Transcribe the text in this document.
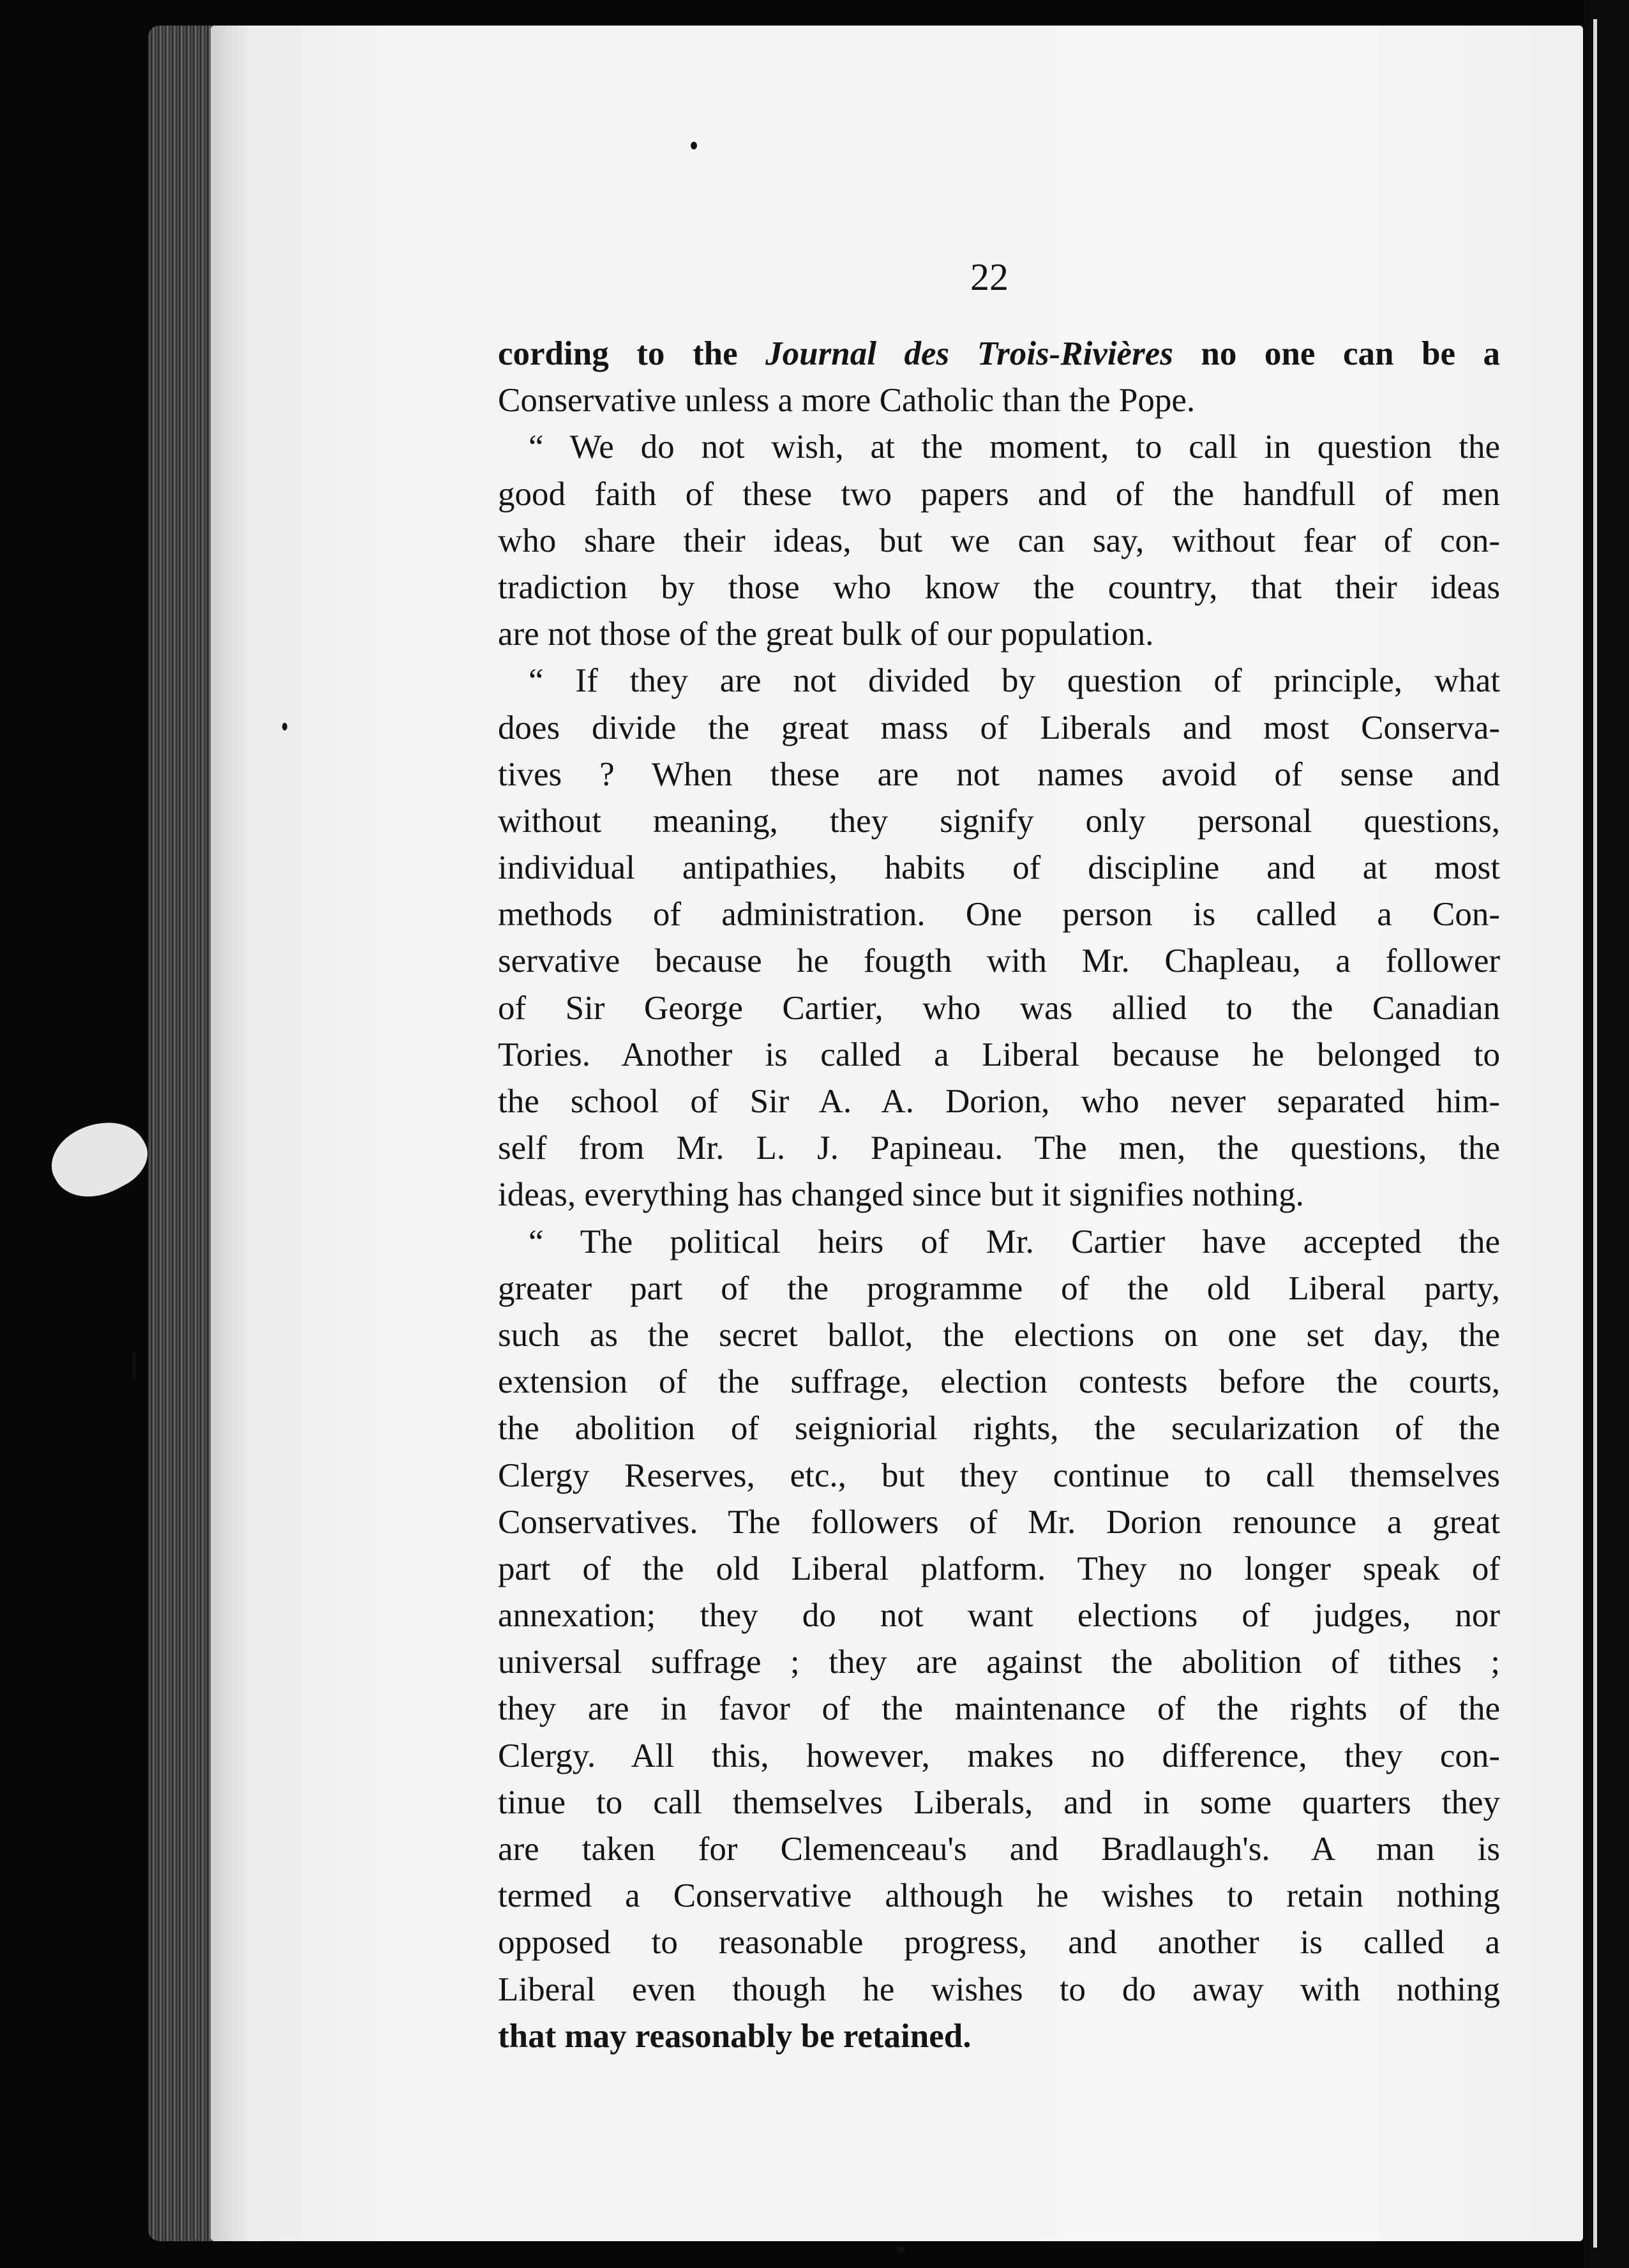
22
cording to the Journal des Trois-Rivières no one can be a
Conservative unless a more Catholic than the Pope.
“ We do not wish, at the moment, to call in question the
good faith of these two papers and of the handfull of men
who share their ideas, but we can say, without fear of con-
tradiction by those who know the country, that their ideas
are not those of the great bulk of our population.
“ If they are not divided by question of principle, what
does divide the great mass of Liberals and most Conserva-
tives ? When these are not names avoid of sense and
without meaning, they signify only personal questions,
individual antipathies, habits of discipline and at most
methods of administration. One person is called a Con-
servative because he fougth with Mr. Chapleau, a follower
of Sir George Cartier, who was allied to the Canadian
Tories. Another is called a Liberal because he belonged to
the school of Sir A. A. Dorion, who never separated him-
self from Mr. L. J. Papineau. The men, the questions, the
ideas, everything has changed since but it signifies nothing.
“ The political heirs of Mr. Cartier have accepted the
greater part of the programme of the old Liberal party,
such as the secret ballot, the elections on one set day, the
extension of the suffrage, election contests before the courts,
the abolition of seigniorial rights, the secularization of the
Clergy Reserves, etc., but they continue to call themselves
Conservatives. The followers of Mr. Dorion renounce a great
part of the old Liberal platform. They no longer speak of
annexation; they do not want elections of judges, nor
universal suffrage ; they are against the abolition of tithes ;
they are in favor of the maintenance of the rights of the
Clergy. All this, however, makes no difference, they con-
tinue to call themselves Liberals, and in some quarters they
are taken for Clemenceau's and Bradlaugh's. A man is
termed a Conservative although he wishes to retain nothing
opposed to reasonable progress, and another is called a
Liberal even though he wishes to do away with nothing
that may reasonably be retained.
